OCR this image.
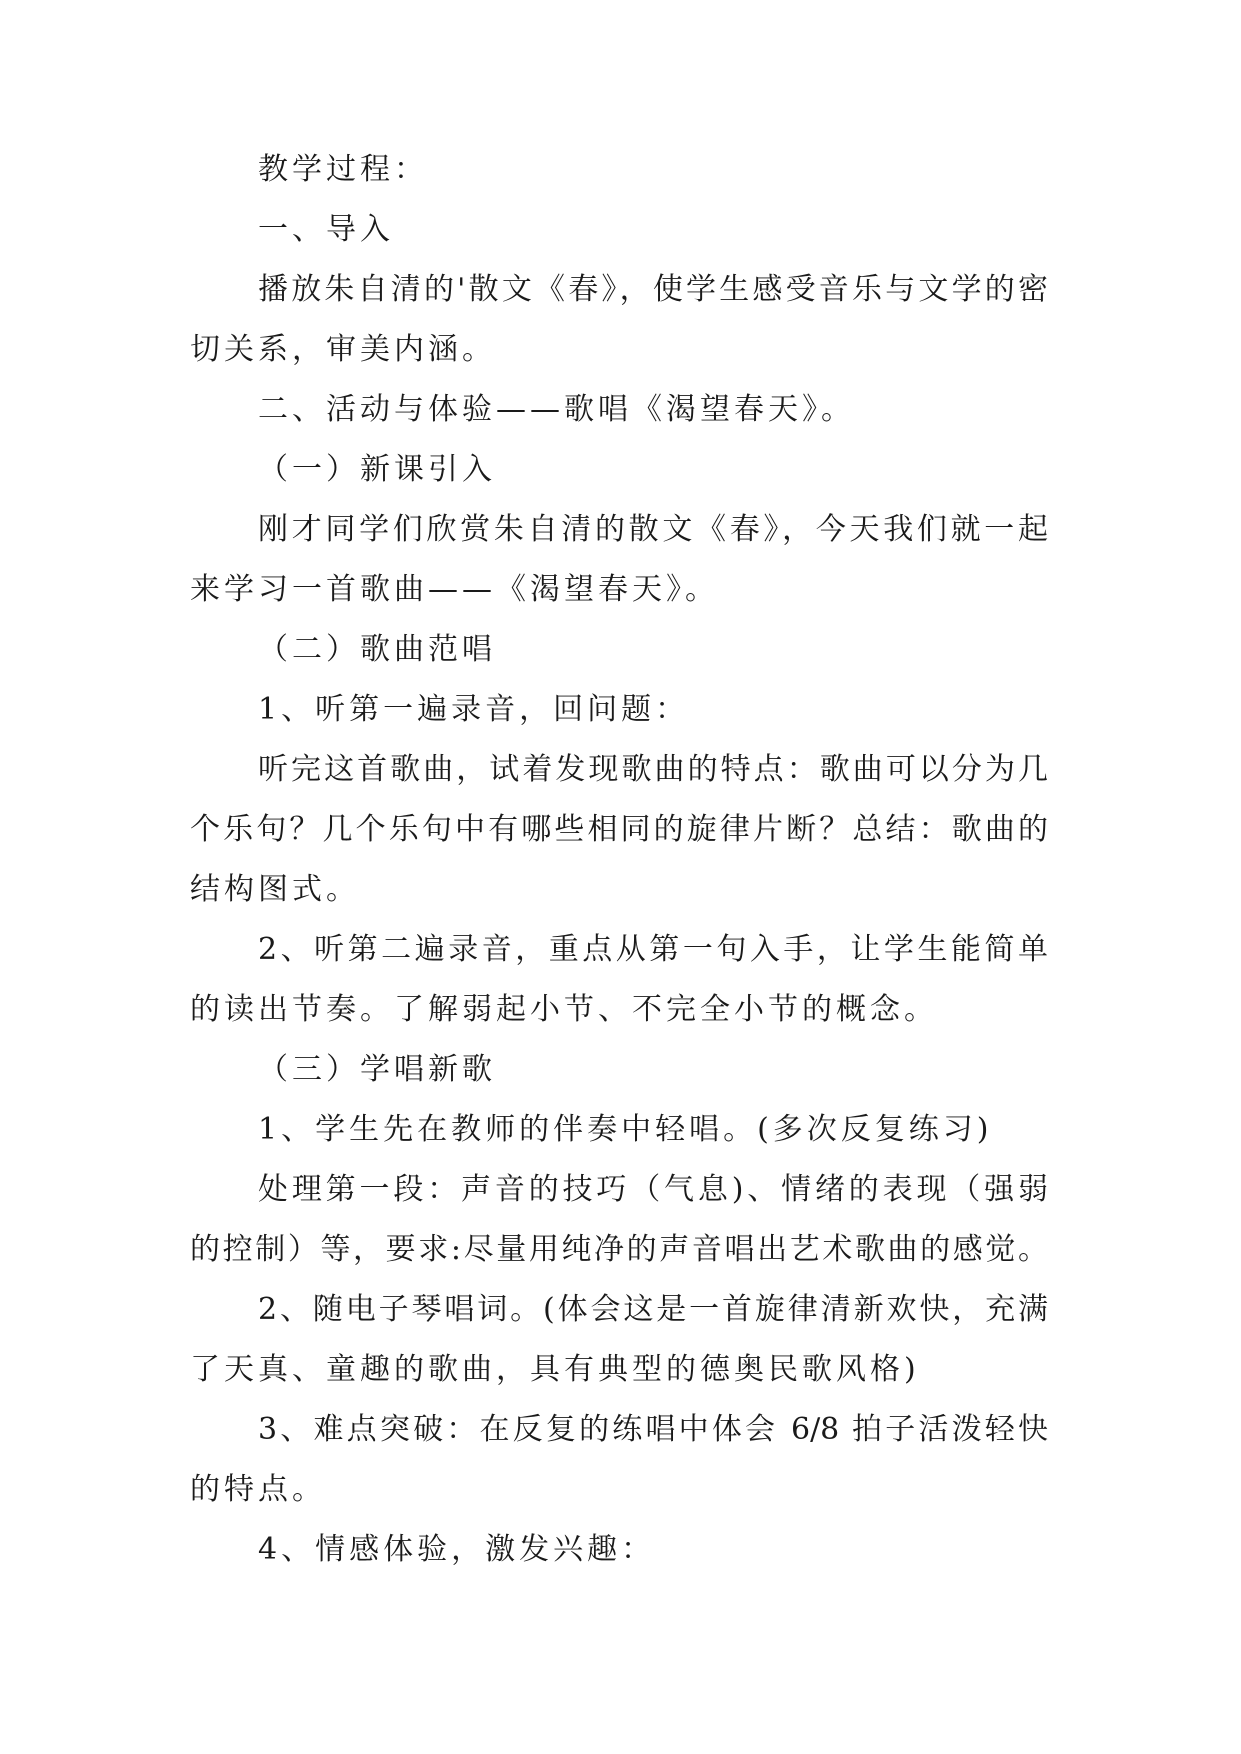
教学过程：
一、导入
播放朱自清的'散文《春》，使学生感受音乐与文学的密
切关系，审美内涵。
二、活动与体验——歌唱《渴望春天》。
（一）新课引入
刚才同学们欣赏朱自清的散文《春》，今天我们就一起
来学习一首歌曲——《渴望春天》。
（二）歌曲范唱
1、听第一遍录音，回问题：
听完这首歌曲，试着发现歌曲的特点：歌曲可以分为几
个乐句？几个乐句中有哪些相同的旋律片断？总结：歌曲的
结构图式。
2、听第二遍录音，重点从第一句入手，让学生能简单
的读出节奏。了解弱起小节、不完全小节的概念。
（三）学唱新歌
1、学生先在教师的伴奏中轻唱。(多次反复练习)
处理第一段：声音的技巧（气息)、情绪的表现（强弱
的控制）等，要求:尽量用纯净的声音唱出艺术歌曲的感觉。
2、随电子琴唱词。(体会这是一首旋律清新欢快，充满
了天真、童趣的歌曲，具有典型的德奥民歌风格)
3、难点突破：在反复的练唱中体会 6/8 拍子活泼轻快
的特点。
4、情感体验，激发兴趣：
